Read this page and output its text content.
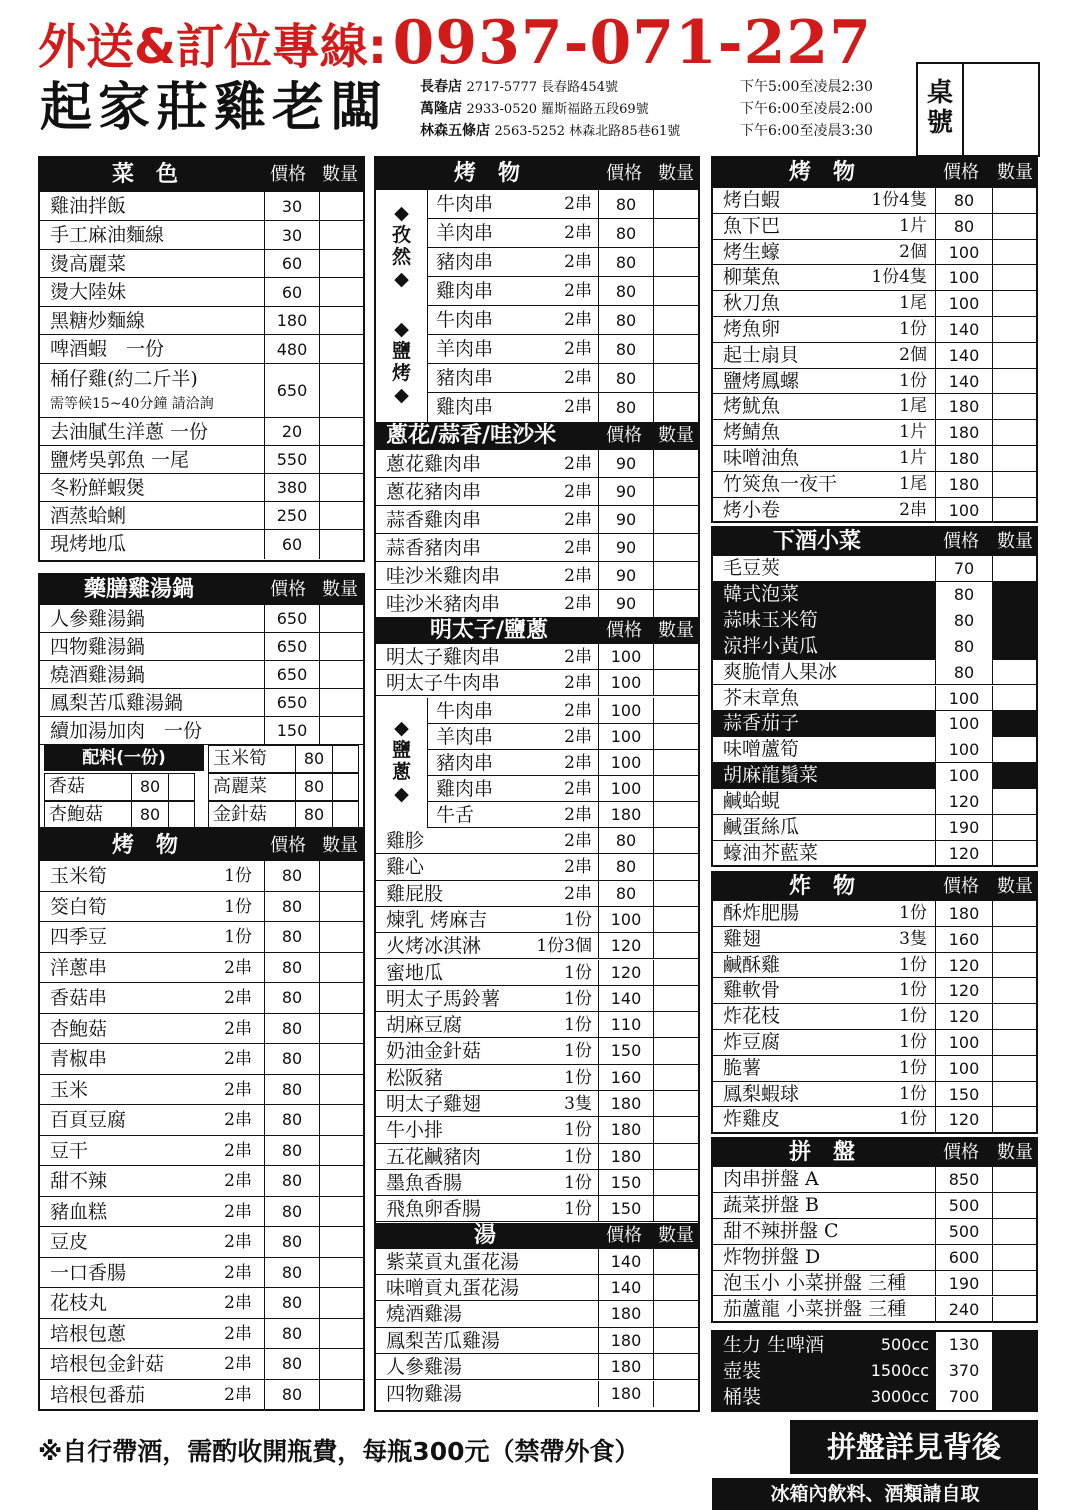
外送&訂位專線: 0937-071-227
起家莊雞老闆	長春店 2717-5777 長春路454號	下午5:00至凌晨2:30
萬隆店 2933-0520 羅斯福路五段69號	下午6:00至凌晨2:00
林森五條店 2563-5252 林森北路85巷61號	下午6:00至凌晨3:30
桌號
※自行帶酒，需酌收開瓶費，每瓶300元（禁帶外食）	拼盤詳見背後
冰箱內飲料、酒類請自取
菜　色	價格 數量
雞油拌飯	30
手工麻油麵線	30
燙高麗菜	60
燙大陸妹	60
黑糖炒麵線	180
啤酒蝦　一份	480
桶仔雞(約二斤半)
需等候15~40分鐘 請洽詢
650
去油膩生洋蔥 一份	20
鹽烤吳郭魚 一尾	550
冬粉鮮蝦煲	380
酒蒸蛤蜊	250
現烤地瓜	60
藥膳雞湯鍋	價格 數量
人參雞湯鍋	650
四物雞湯鍋	650
燒酒雞湯鍋	650
鳳梨苦瓜雞湯鍋	650
續加湯加肉　一份	150
配料(一份)	玉米筍	80
香菇	80	高麗菜	80
杏鮑菇	80	金針菇	80
烤　物	價格 數量
玉米筍	1份	80
筊白筍	1份	80
四季豆	1份	80
洋蔥串	2串	80
香菇串	2串	80
杏鮑菇	2串	80
青椒串	2串	80
玉米	2串	80
百頁豆腐	2串	80
豆干	2串	80
甜不辣	2串	80
豬血糕	2串	80
豆皮	2串	80
一口香腸	2串	80
花枝丸	2串	80
培根包蔥	2串	80
培根包金針菇	2串	80
培根包番茄	2串	80
烤　物	價格 數量
◆孜然◆
牛肉串	2串	80
羊肉串	2串	80
豬肉串	2串	80
雞肉串	2串	80
◆鹽烤◆
牛肉串	2串	80
羊肉串	2串	80
豬肉串	2串	80
雞肉串	2串	80
蔥花/蒜香/哇沙米	價格 數量
蔥花雞肉串	2串	90
蔥花豬肉串	2串	90
蒜香雞肉串	2串	90
蒜香豬肉串	2串	90
哇沙米雞肉串	2串	90
哇沙米豬肉串	2串	90
明太子/鹽蔥	價格 數量
明太子雞肉串	2串	100
明太子牛肉串	2串	100
◆鹽蔥◆
牛肉串	2串	100
羊肉串	2串	100
豬肉串	2串	100
雞肉串	2串	100
牛舌	2串	180
雞胗	2串	80
雞心	2串	80
雞屁股	2串	80
煉乳 烤麻吉	1份	100
火烤冰淇淋	1份3個	120
蜜地瓜	1份	120
明太子馬鈴薯	1份	140
胡麻豆腐	1份	110
奶油金針菇	1份	150
松阪豬	1份	160
明太子雞翅	3隻	180
牛小排	1份	180
五花鹹豬肉	1份	180
墨魚香腸	1份	150
飛魚卵香腸	1份	150
湯	價格 數量
紫菜貢丸蛋花湯	140
味噌貢丸蛋花湯	140
燒酒雞湯	180
鳳梨苦瓜雞湯	180
人參雞湯	180
四物雞湯	180
烤　物	價格 數量
烤白蝦	1份4隻	80
魚下巴	1片	80
烤生蠔	2個	100
柳葉魚	1份4隻	100
秋刀魚	1尾	100
烤魚卵	1份	140
起士扇貝	2個	140
鹽烤鳳螺	1份	140
烤魷魚	1尾	180
烤鯖魚	1片	180
味噌油魚	1片	180
竹筴魚一夜干	1尾	180
烤小卷	2串	100
下酒小菜	價格 數量
毛豆莢	70
韓式泡菜	80
蒜味玉米筍	80
涼拌小黃瓜	80
爽脆情人果冰	80
芥末章魚	100
蒜香茄子	100
味噌蘆筍	100
胡麻龍鬚菜	100
鹹蛤蜆	120
鹹蛋絲瓜	190
蠔油芥藍菜	120
炸　物	價格 數量
酥炸肥腸	1份	180
雞翅	3隻	160
鹹酥雞	1份	120
雞軟骨	1份	120
炸花枝	1份	120
炸豆腐	1份	100
脆薯	1份	100
鳳梨蝦球	1份	150
炸雞皮	1份	120
拼　盤	價格 數量
肉串拼盤 A	850
蔬菜拼盤 B	500
甜不辣拼盤 C	500
炸物拼盤 D	600
泡玉小 小菜拼盤 三種	190
茄蘆龍 小菜拼盤 三種	240
生力 生啤酒	500cc	130
壺裝	1500cc	370
桶裝	3000cc	700
